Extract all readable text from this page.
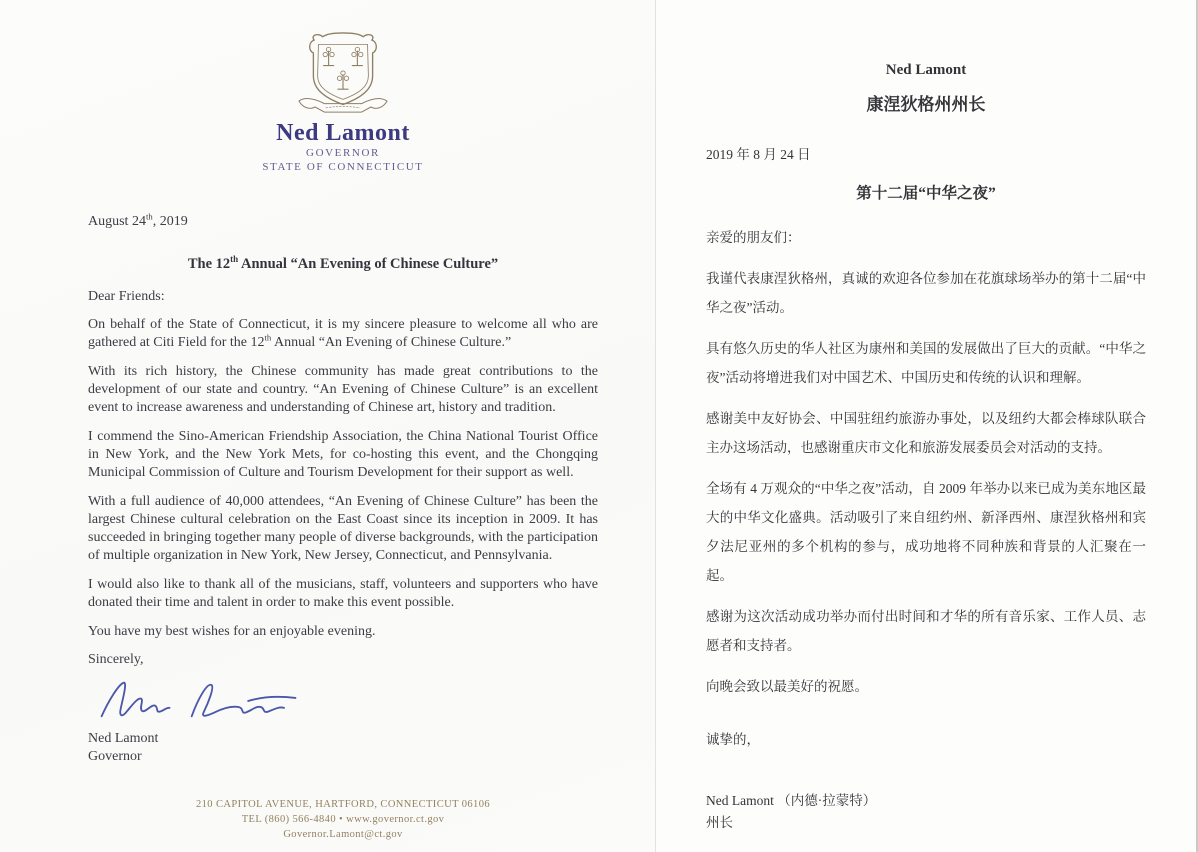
Ned Lamont
GOVERNOR
STATE OF CONNECTICUT

August 24th, 2019

The 12th Annual “An Evening of Chinese Culture”

Dear Friends:

On behalf of the State of Connecticut, it is my sincere pleasure to welcome all who are gathered at Citi Field for the 12th Annual “An Evening of Chinese Culture.”

With its rich history, the Chinese community has made great contributions to the development of our state and country. “An Evening of Chinese Culture” is an excellent event to increase awareness and understanding of Chinese art, history and tradition.

I commend the Sino-American Friendship Association, the China National Tourist Office in New York, and the New York Mets, for co-hosting this event, and the Chongqing Municipal Commission of Culture and Tourism Development for their support as well.

With a full audience of 40,000 attendees, “An Evening of Chinese Culture” has been the largest Chinese cultural celebration on the East Coast since its inception in 2009. It has succeeded in bringing together many people of diverse backgrounds, with the participation of multiple organization in New York, New Jersey, Connecticut, and Pennsylvania.

I would also like to thank all of the musicians, staff, volunteers and supporters who have donated their time and talent in order to make this event possible.

You have my best wishes for an enjoyable evening.

Sincerely,

Ned Lamont
Governor
210 CAPITOL AVENUE, HARTFORD, CONNECTICUT 06106
TEL (860) 566-4840 • www.governor.ct.gov
Governor.Lamont@ct.gov
Ned Lamont
康涅狄格州州长

2019 年 8 月 24 日

第十二届“中华之夜”

亲爱的朋友们：

我谨代表康涅狄格州，真诚的欢迎各位参加在花旗球场举办的第十二届“中华之夜”活动。

具有悠久历史的华人社区为康州和美国的发展做出了巨大的贡献。“中华之夜”活动将增进我们对中国艺术、中国历史和传统的认识和理解。

感谢美中友好协会、中国驻纽约旅游办事处，以及纽约大都会棒球队联合主办这场活动，也感谢重庆市文化和旅游发展委员会对活动的支持。

全场有 4 万观众的“中华之夜”活动，自 2009 年举办以来已成为美东地区最大的中华文化盛典。活动吸引了来自纽约州、新泽西州、康涅狄格州和宾夕法尼亚州的多个机构的参与，成功地将不同种族和背景的人汇聚在一起。

感谢为这次活动成功举办而付出时间和才华的所有音乐家、工作人员、志愿者和支持者。

向晚会致以最美好的祝愿。

诚挚的，

Ned Lamont （内德·拉蒙特）

州长
